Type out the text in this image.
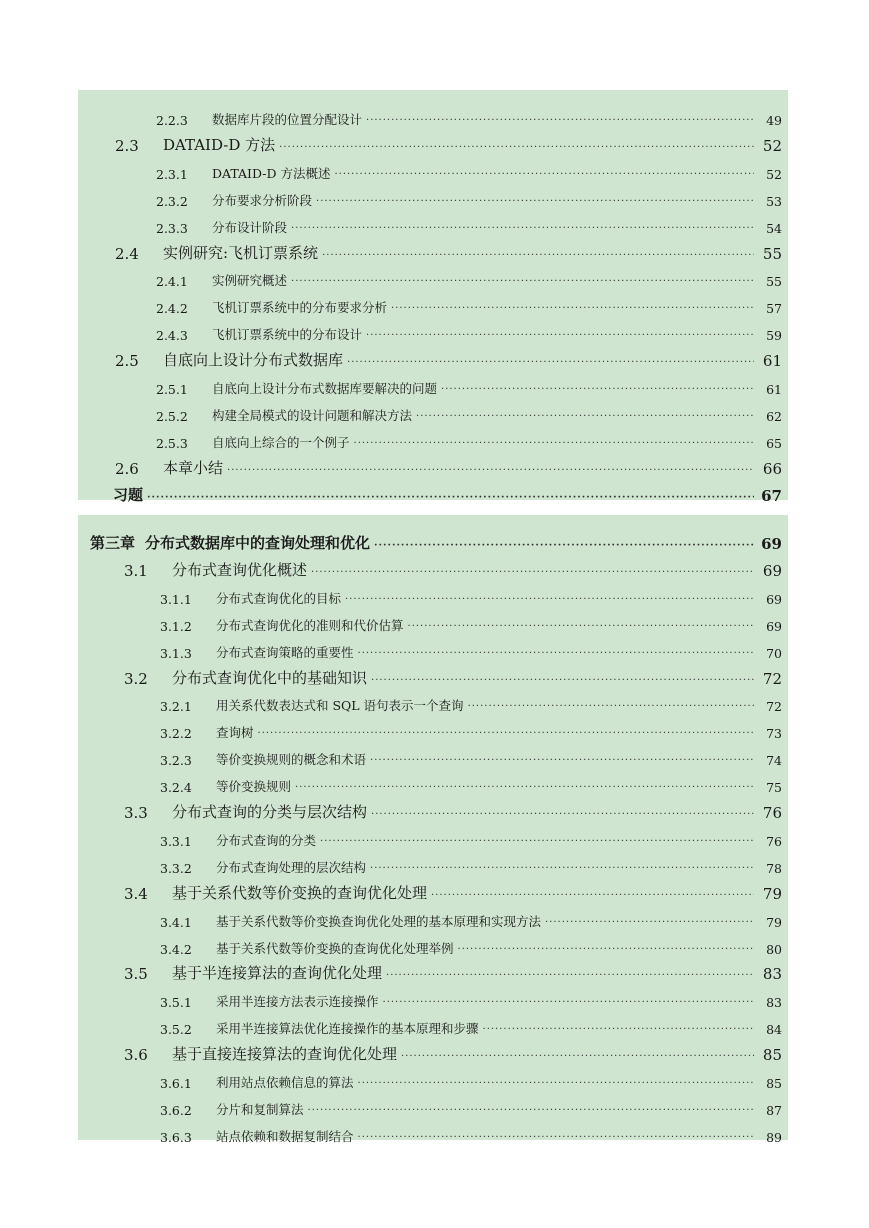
2.2.3	数据库片段的位置分配设计 ·····	49
2.3	DATAID-D 方法 ·····	52
2.3.1	DATAID-D 方法概述 ·····	52
2.3.2	分布要求分析阶段 ·····	53
2.3.3	分布设计阶段 ·····	54
2.4	实例研究:飞机订票系统 ·····	55
2.4.1	实例研究概述 ·····	55
2.4.2	飞机订票系统中的分布要求分析 ·····	57
2.4.3	飞机订票系统中的分布设计 ·····	59
2.5	自底向上设计分布式数据库 ·····	61
2.5.1	自底向上设计分布式数据库要解决的问题 ·····	61
2.5.2	构建全局模式的设计问题和解决方法 ·····	62
2.5.3	自底向上综合的一个例子 ·····	65
2.6	本章小结 ·····	66
习题 ·····	67
第三章 分布式数据库中的查询处理和优化 ·····	69
3.1	分布式查询优化概述 ·····	69
3.1.1	分布式查询优化的目标 ·····	69
3.1.2	分布式查询优化的准则和代价估算 ·····	69
3.1.3	分布式查询策略的重要性 ·····	70
3.2	分布式查询优化中的基础知识 ·····	72
3.2.1	用关系代数表达式和 SQL 语句表示一个查询 ·····	72
3.2.2	查询树 ·····	73
3.2.3	等价变换规则的概念和术语 ·····	74
3.2.4	等价变换规则 ·····	75
3.3	分布式查询的分类与层次结构 ·····	76
3.3.1	分布式查询的分类 ·····	76
3.3.2	分布式查询处理的层次结构 ·····	78
3.4	基于关系代数等价变换的查询优化处理 ·····	79
3.4.1	基于关系代数等价变换查询优化处理的基本原理和实现方法 ·····	79
3.4.2	基于关系代数等价变换的查询优化处理举例 ·····	80
3.5	基于半连接算法的查询优化处理 ·····	83
3.5.1	采用半连接方法表示连接操作 ·····	83
3.5.2	采用半连接算法优化连接操作的基本原理和步骤 ·····	84
3.6	基于直接连接算法的查询优化处理 ·····	85
3.6.1	利用站点依赖信息的算法 ·····	85
3.6.2	分片和复制算法 ·····	87
3.6.3	站点依赖和数据复制结合 ·····	89
